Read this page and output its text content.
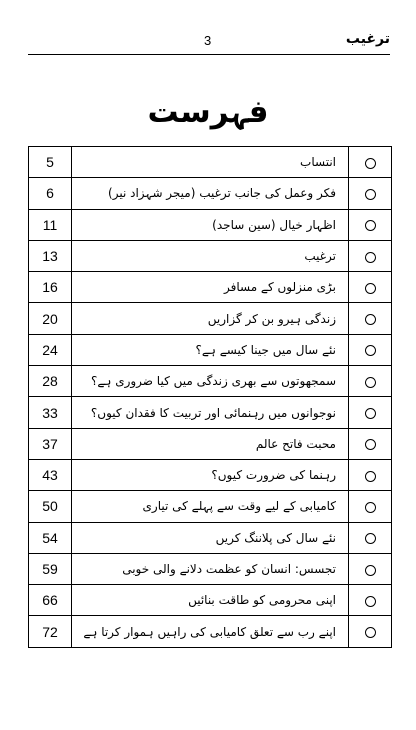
3	ترغیب
فہرست
5	انتساب	
6	فکر وعمل کی جانب ترغیب (میجر شہزاد نیر)	
11	اظہار خیال (سین ساجد)	
13	ترغیب	
16	بڑی منزلوں کے مسافر	
20	زندگی ہیرو بن کر گزاریں	
24	نئے سال میں جینا کیسے ہے؟	
28	سمجھوتوں سے بھری زندگی میں کیا ضروری ہے؟	
33	نوجوانوں میں رہنمائی اور تربیت کا فقدان کیوں؟	
37	محبت فاتح عالم	
43	رہنما کی ضرورت کیوں؟	
50	کامیابی کے لیے وقت سے پہلے کی تیاری	
54	نئے سال کی پلاننگ کریں	
59	تجسس: انسان کو عظمت دلانے والی خوبی	
66	اپنی محرومی کو طاقت بنائیں	
72	اپنے رب سے تعلق کامیابی کی راہیں ہموار کرتا ہے	
